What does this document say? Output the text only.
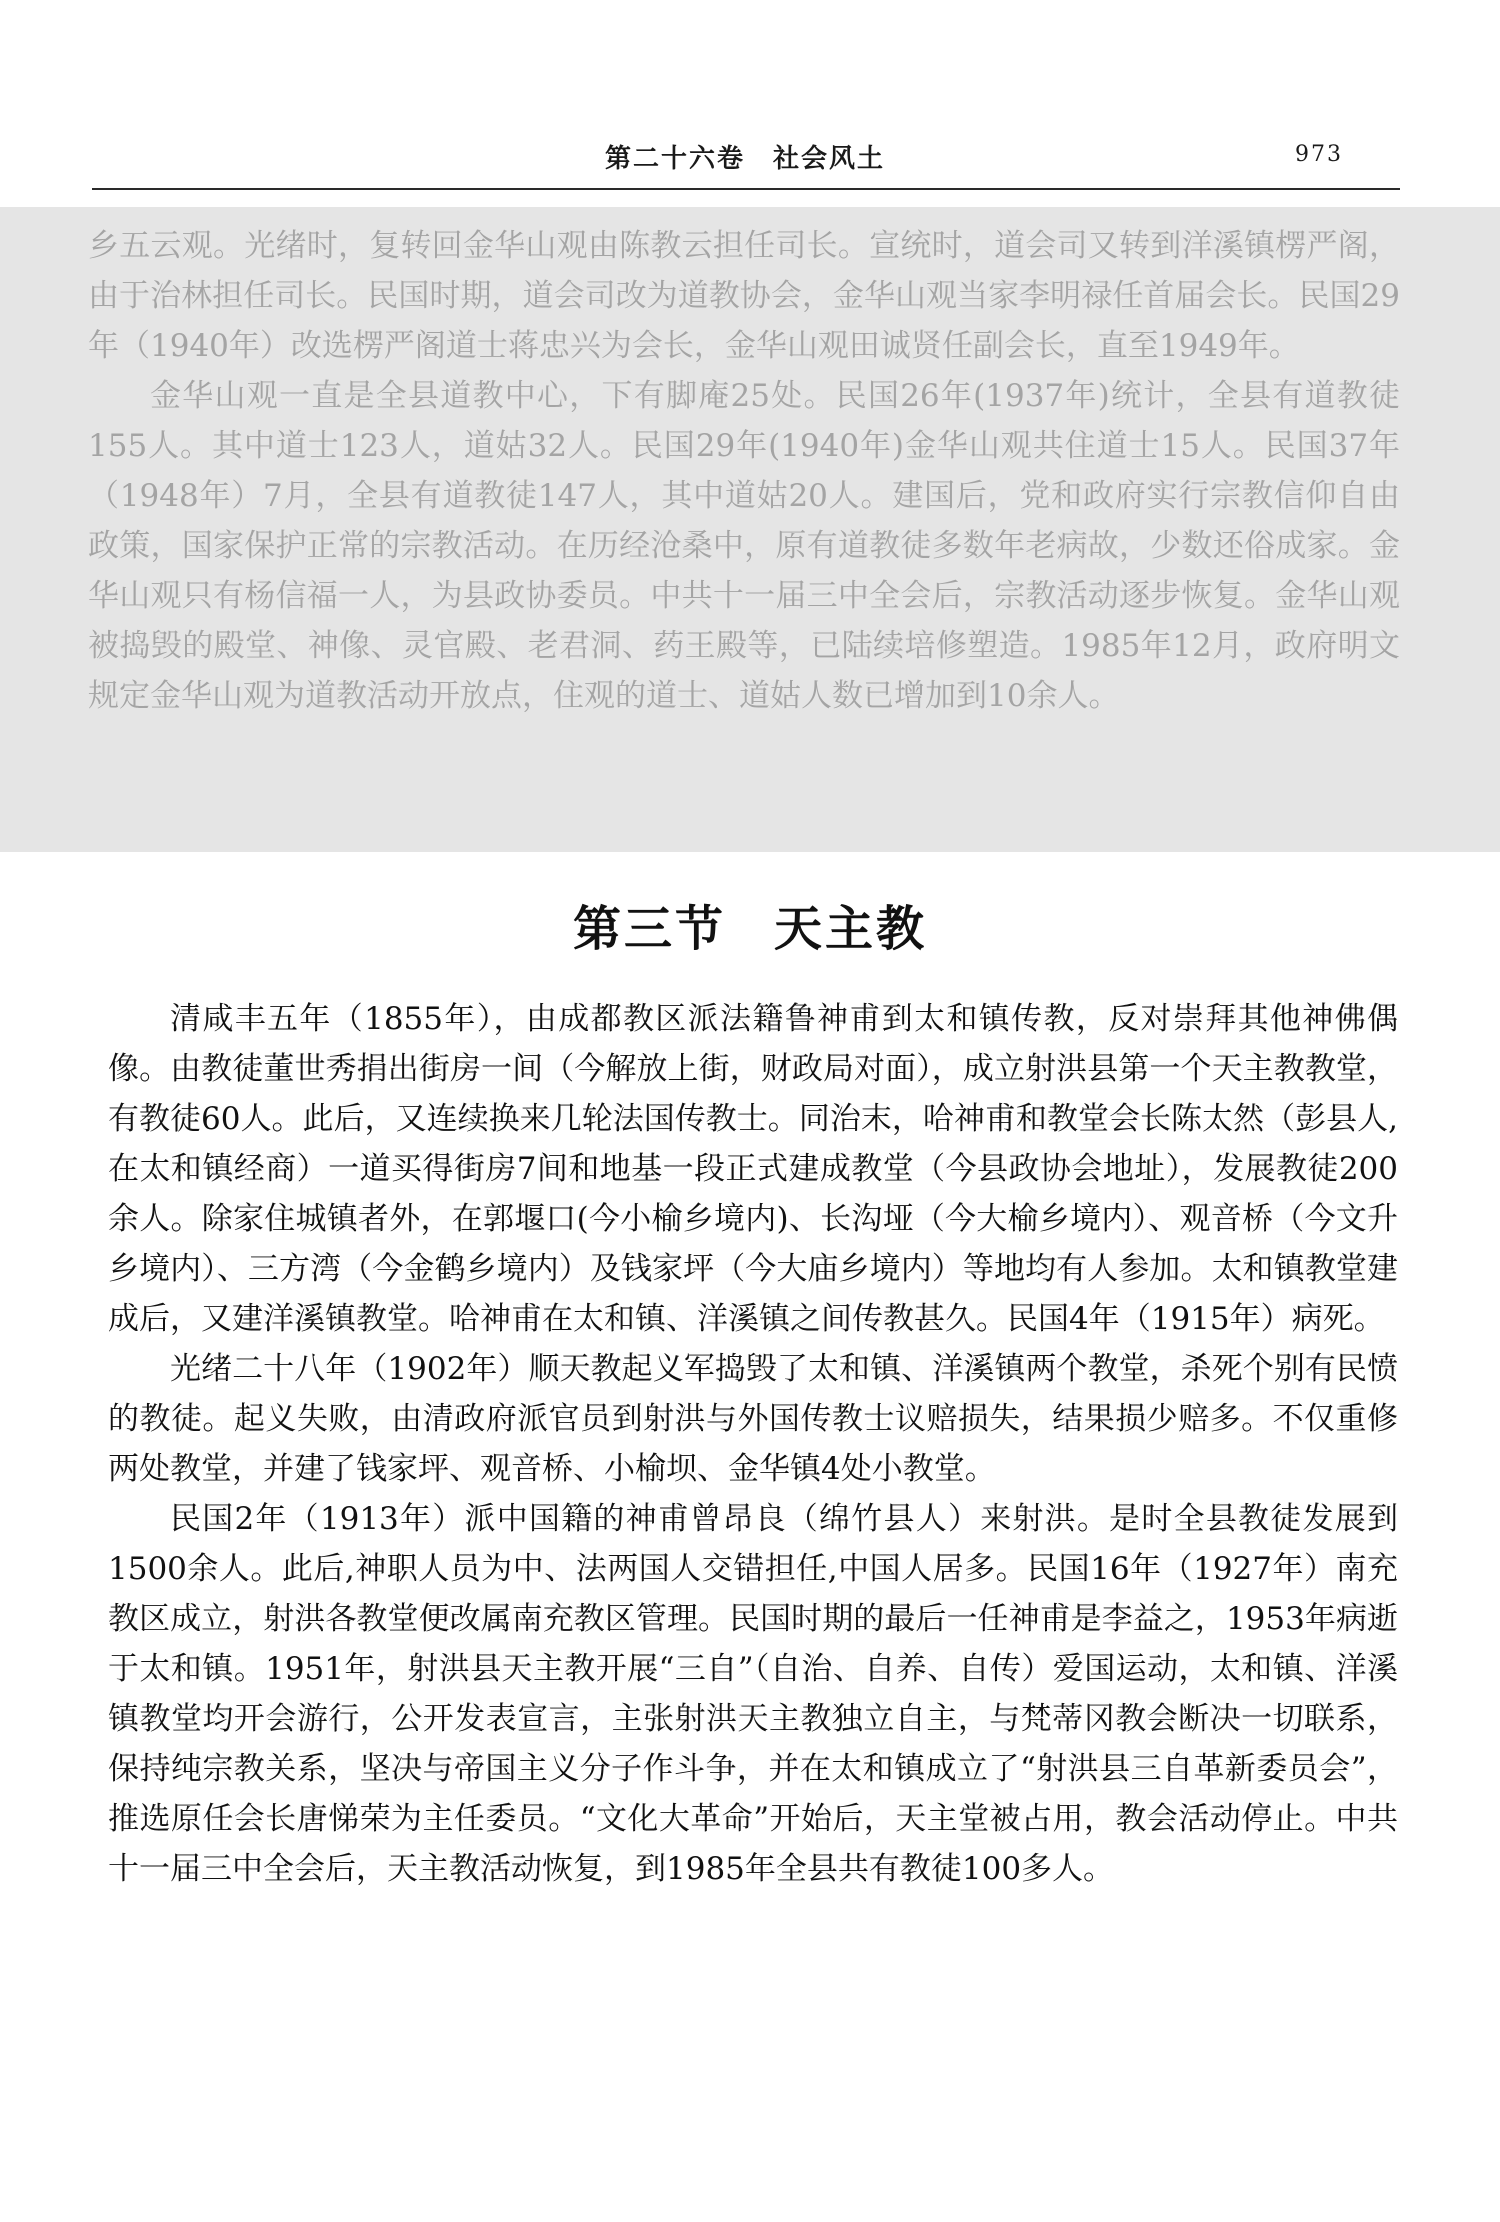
第二十六卷　社会风土	973

乡五云观。光绪时，复转回金华山观由陈教云担任司长。宣统时，道会司又转到洋溪镇楞严阁，由于治林担任司长。民国时期，道会司改为道教协会，金华山观当家李明禄任首届会长。民国29年（1940年）改选楞严阁道士蒋忠兴为会长，金华山观田诚贤任副会长，直至1949年。

金华山观一直是全县道教中心，下有脚庵25处。民国26年(1937年)统计，全县有道教徒155人。其中道士123人，道姑32人。民国29年(1940年)金华山观共住道士15人。民国37年（1948年）7月，全县有道教徒147人，其中道姑20人。建国后，党和政府实行宗教信仰自由政策，国家保护正常的宗教活动。在历经沧桑中，原有道教徒多数年老病故，少数还俗成家。金华山观只有杨信福一人，为县政协委员。中共十一届三中全会后，宗教活动逐步恢复。金华山观被捣毁的殿堂、神像、灵官殿、老君洞、药王殿等，已陆续培修塑造。1985年12月，政府明文规定金华山观为道教活动开放点，住观的道士、道姑人数已增加到10余人。

第三节 天主教

清咸丰五年（1855年），由成都教区派法籍鲁神甫到太和镇传教，反对崇拜其他神佛偶像。由教徒董世秀捐出街房一间（今解放上街，财政局对面），成立射洪县第一个天主教教堂，有教徒60人。此后，又连续换来几轮法国传教士。同治末，哈神甫和教堂会长陈太然（彭县人,在太和镇经商）一道买得街房7间和地基一段正式建成教堂（今县政协会地址），发展教徒200余人。除家住城镇者外，在郭堰口(今小榆乡境内)、长沟垭（今大榆乡境内）、观音桥（今文升乡境内）、三方湾（今金鹤乡境内）及钱家坪（今大庙乡境内）等地均有人参加。太和镇教堂建成后，又建洋溪镇教堂。哈神甫在太和镇、洋溪镇之间传教甚久。民国4年（1915年）病死。

光绪二十八年（1902年）顺天教起义军捣毁了太和镇、洋溪镇两个教堂，杀死个别有民愤的教徒。起义失败，由清政府派官员到射洪与外国传教士议赔损失，结果损少赔多。不仅重修两处教堂，并建了钱家坪、观音桥、小榆坝、金华镇4处小教堂。

民国2年（1913年）派中国籍的神甫曾昂良（绵竹县人）来射洪。是时全县教徒发展到1500余人。此后,神职人员为中、法两国人交错担任,中国人居多。民国16年（1927年）南充教区成立，射洪各教堂便改属南充教区管理。民国时期的最后一任神甫是李益之，1953年病逝于太和镇。1951年，射洪县天主教开展“三自”（自治、自养、自传）爱国运动，太和镇、洋溪镇教堂均开会游行，公开发表宣言，主张射洪天主教独立自主，与梵蒂冈教会断决一切联系，保持纯宗教关系，坚决与帝国主义分子作斗争，并在太和镇成立了“射洪县三自革新委员会”，推选原任会长唐悌荣为主任委员。“文化大革命”开始后，天主堂被占用，教会活动停止。中共十一届三中全会后，天主教活动恢复，到1985年全县共有教徒100多人。
